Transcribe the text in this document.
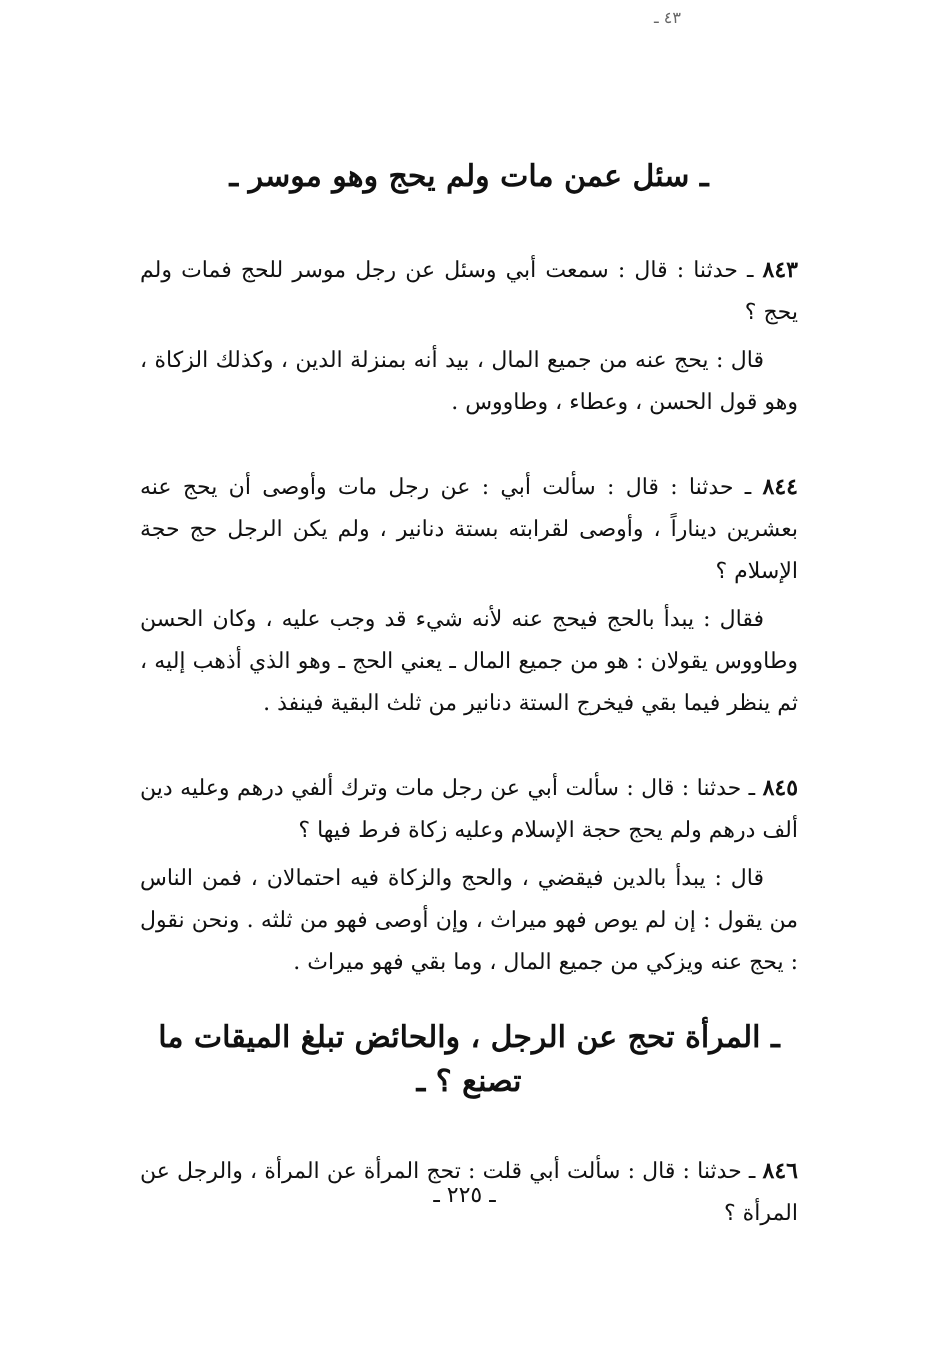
٤٣ ـ
ـ سئل عمن مات ولم يحج وهو موسر ـ

٨٤٣ ـ حدثنا : قال : سمعت أبي وسئل عن رجل موسر للحج فمات ولم يحج ؟

قال : يحج عنه من جميع المال ، بيد أنه بمنزلة الدين ، وكذلك الزكاة ، وهو قول الحسن ، وعطاء ، وطاووس .

٨٤٤ ـ حدثنا : قال : سألت أبي : عن رجل مات وأوصى أن يحج عنه بعشرين ديناراً ، وأوصى لقرابته بستة دنانير ، ولم يكن الرجل حج حجة الإسلام ؟

فقال : يبدأ بالحج فيحج عنه لأنه شيء قد وجب عليه ، وكان الحسن وطاووس يقولان : هو من جميع المال ـ يعني الحج ـ وهو الذي أذهب إليه ، ثم ينظر فيما بقي فيخرج الستة دنانير من ثلث البقية فينفذ .

٨٤٥ ـ حدثنا : قال : سألت أبي عن رجل مات وترك ألفي درهم وعليه دين ألف درهم ولم يحج حجة الإسلام وعليه زكاة فرط فيها ؟

قال : يبدأ بالدين فيقضي ، والحج والزكاة فيه احتمالان ، فمن الناس من يقول : إن لم يوص فهو ميراث ، وإن أوصى فهو من ثلثه . ونحن نقول : يحج عنه ويزكي من جميع المال ، وما بقي فهو ميراث .

ـ المرأة تحج عن الرجل ، والحائض تبلغ الميقات ما تصنع ؟ ـ

٨٤٦ ـ حدثنا : قال : سألت أبي قلت : تحج المرأة عن المرأة ، والرجل عن المرأة ؟

ـ ٢٢٥ ـ
